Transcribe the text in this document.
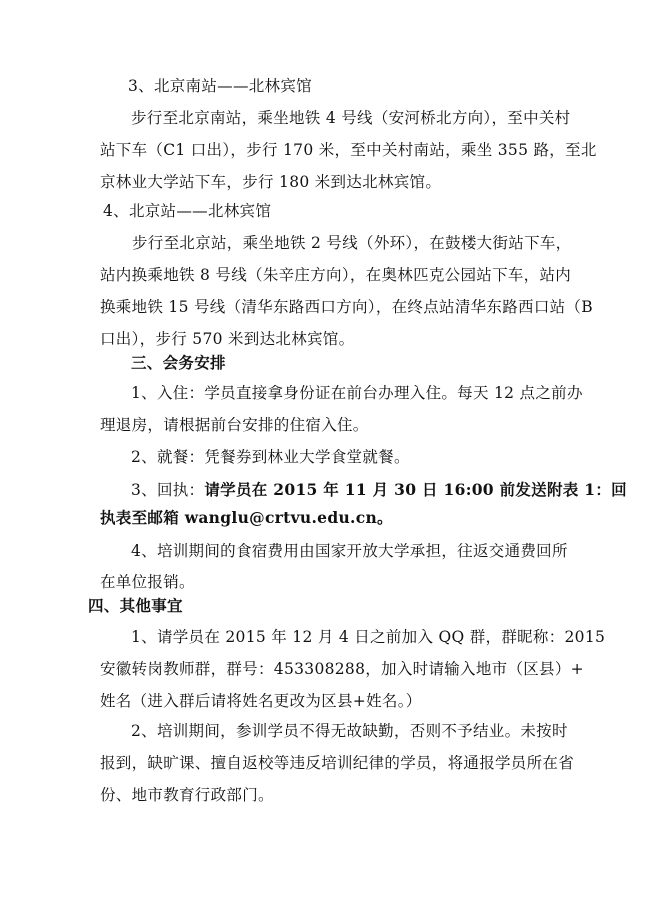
3、北京南站——北林宾馆
步行至北京南站，乘坐地铁 4 号线（安河桥北方向），至中关村
站下车（C1 口出），步行 170 米，至中关村南站，乘坐 355 路，至北
京林业大学站下车，步行 180 米到达北林宾馆。
4、北京站——北林宾馆
步行至北京站，乘坐地铁 2 号线（外环），在鼓楼大街站下车，
站内换乘地铁 8 号线（朱辛庄方向），在奥林匹克公园站下车，站内
换乘地铁 15 号线（清华东路西口方向），在终点站清华东路西口站（B
口出），步行 570 米到达北林宾馆。
三、会务安排
1、入住：学员直接拿身份证在前台办理入住。每天 12 点之前办
理退房，请根据前台安排的住宿入住。
2、就餐：凭餐券到林业大学食堂就餐。
3、回执：请学员在 2015 年 11 月 30 日 16:00 前发送附表 1：回
执表至邮箱 wanglu@crtvu.edu.cn。
4、培训期间的食宿费用由国家开放大学承担，往返交通费回所
在单位报销。
四、其他事宜
1、请学员在 2015 年 12 月 4 日之前加入 QQ 群，群昵称：2015
安徽转岗教师群，群号：453308288，加入时请输入地市（区县）+
姓名（进入群后请将姓名更改为区县+姓名。）
2、培训期间，参训学员不得无故缺勤，否则不予结业。未按时
报到，缺旷课、擅自返校等违反培训纪律的学员，将通报学员所在省
份、地市教育行政部门。
